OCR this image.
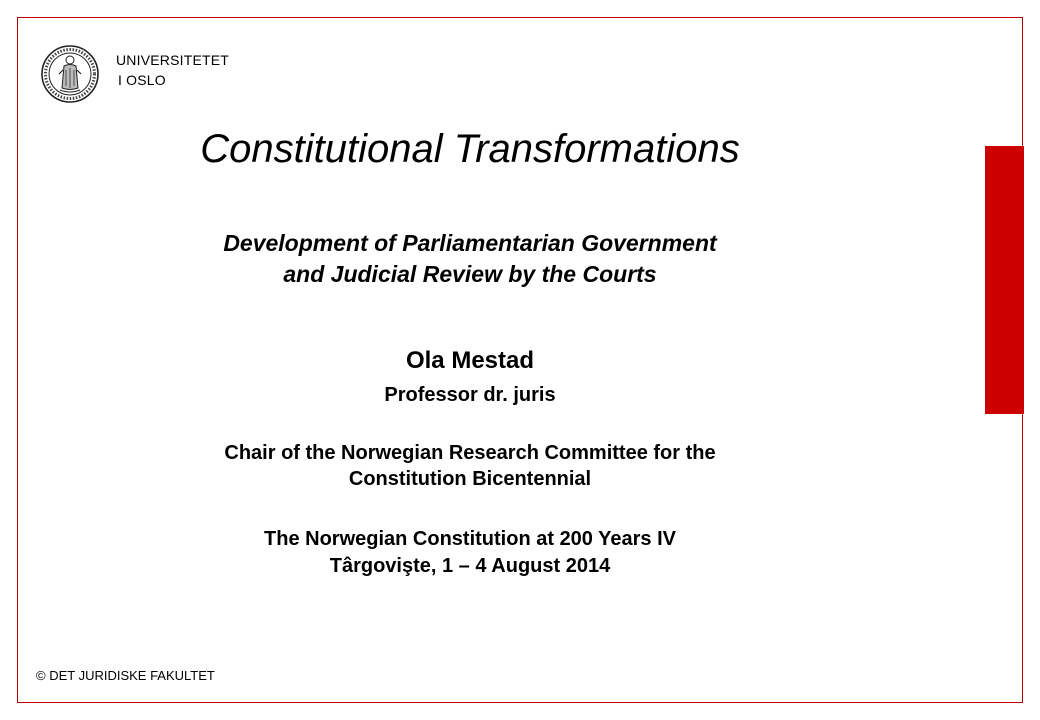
UNIVERSITETET
I OSLO
Constitutional Transformations
Development of Parliamentarian Government
and Judicial Review by the Courts
Ola Mestad
Professor dr. juris
Chair of the Norwegian Research Committee for the
Constitution Bicentennial
The Norwegian Constitution at 200 Years IV
Târgovişte, 1 – 4 August 2014
© DET JURIDISKE FAKULTET
